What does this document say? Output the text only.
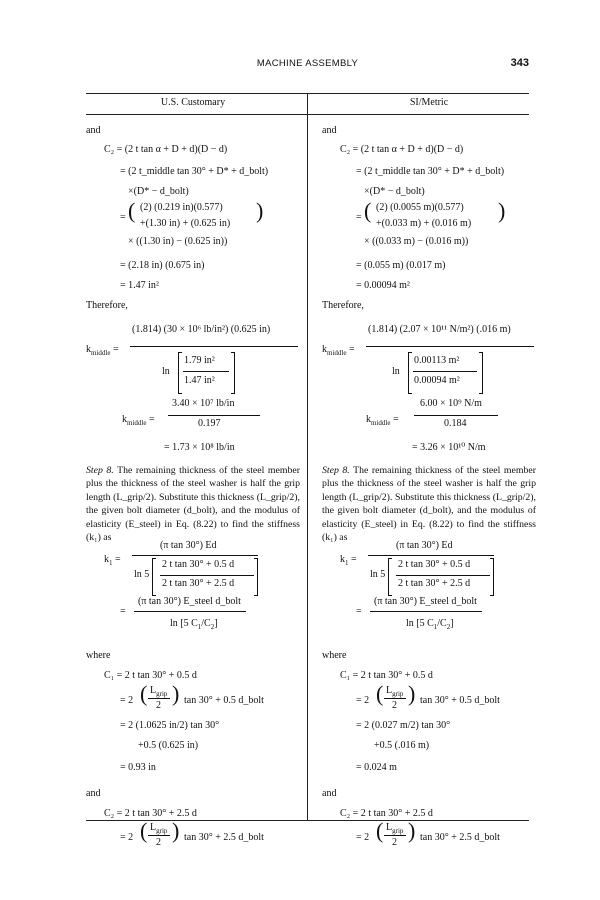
MACHINE ASSEMBLY	343
U.S. Customary
and
C₂ = (2 t tan α + D + d)(D − d)
= (2 t_middle tan 30° + D* + d_bolt)
×(D* − d_bolt)
= ( (2) (0.219 in)(0.577)
+(1.30 in) + (0.625 in)
)
× ((1.30 in) − (0.625 in))
= (2.18 in) (0.675 in)
= 1.47 in²
Therefore,
$k_{middle}$ =
(1.814) (30 × 10⁶ lb/in²) (0.625 in)
ln
1.79 in²
1.47 in²
$k_{middle}$ =
3.40 × 10⁷ lb/in
0.197
= 1.73 × 10⁸ lb/in
Step 8. The remaining thickness of the steel member plus the thickness of the steel washer is half the grip length (L_grip/2). Substitute this thickness (L_grip/2), the given bolt diameter (d_bolt), and the modulus of elasticity (E_steel) in Eq. (8.22) to find the stiffness (k₁) as
$k_1$ =
(π tan 30°) Ed
ln 5
2 t tan 30° + 0.5 d
2 t tan 30° + 2.5 d
=
(π tan 30°) E_steel d_bolt
ln [5 $C_1/C_2$]
where
C₁ = 2 t tan 30° + 0.5 d
= 2 ( $L_{grip}$
2 ) tan 30° + 0.5 d_bolt
= 2 (1.0625 in/2) tan 30°
+0.5 (0.625 in)
= 0.93 in
and
C₂ = 2 t tan 30° + 2.5 d
= 2 ( $L_{grip}$
2 ) tan 30° + 2.5 d_bolt
SI/Metric
and
C₂ = (2 t tan α + D + d)(D − d)
= (2 t_middle tan 30° + D* + d_bolt)
×(D* − d_bolt)
= ( (2) (0.0055 m)(0.577)
+(0.033 m) + (0.016 m)
)
× ((0.033 m) − (0.016 m))
= (0.055 m) (0.017 m)
= 0.00094 m²
Therefore,
$k_{middle}$ =
(1.814) (2.07 × 10¹¹ N/m²) (.016 m)
ln
0.00113 m²
0.00094 m²
$k_{middle}$ =
6.00 × 10⁹ N/m
0.184
= 3.26 × 10¹⁰ N/m
Step 8. The remaining thickness of the steel member plus the thickness of the steel washer is half the grip length (L_grip/2). Substitute this thickness (L_grip/2), the given bolt diameter (d_bolt), and the modulus of elasticity (E_steel) in Eq. (8.22) to find the stiffness (k₁) as
$k_1$ =
(π tan 30°) Ed
ln 5
2 t tan 30° + 0.5 d
2 t tan 30° + 2.5 d
=
(π tan 30°) E_steel d_bolt
ln [5 $C_1/C_2$]
where
C₁ = 2 t tan 30° + 0.5 d
= 2 ( $L_{grip}$
2 ) tan 30° + 0.5 d_bolt
= 2 (0.027 m/2) tan 30°
+0.5 (.016 m)
= 0.024 m
and
C₂ = 2 t tan 30° + 2.5 d
= 2 ( $L_{grip}$
2 ) tan 30° + 2.5 d_bolt
